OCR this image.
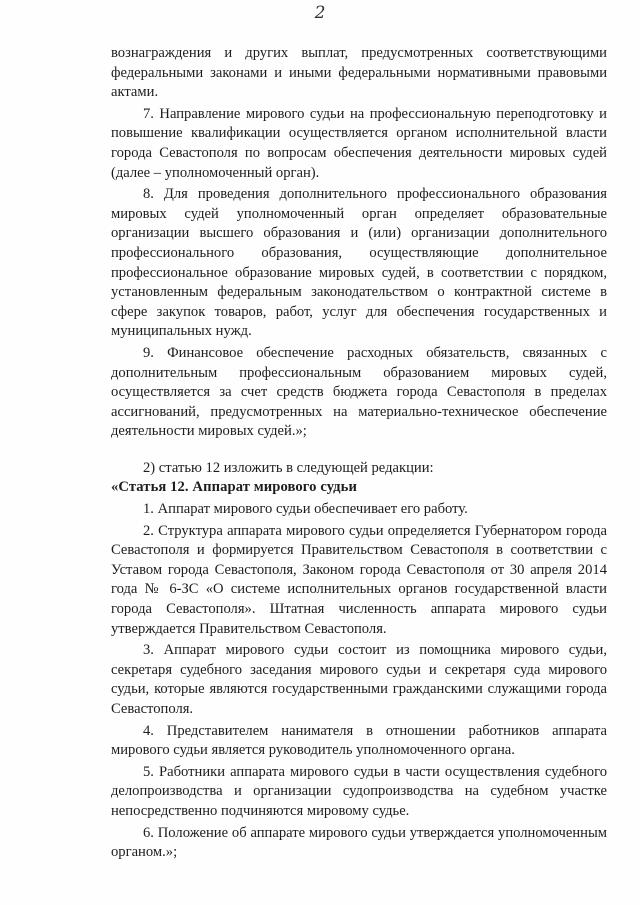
2

вознаграждения и других выплат, предусмотренных соответствующими федеральными законами и иными федеральными нормативными правовыми актами.

7. Направление мирового судьи на профессиональную переподготовку и повышение квалификации осуществляется органом исполнительной власти города Севастополя по вопросам обеспечения деятельности мировых судей (далее – уполномоченный орган).

8. Для проведения дополнительного профессионального образования мировых судей уполномоченный орган определяет образовательные организации высшего образования и (или) организации дополнительного профессионального образования, осуществляющие дополнительное профессиональное образование мировых судей, в соответствии с порядком, установленным федеральным законодательством о контрактной системе в сфере закупок товаров, работ, услуг для обеспечения государственных и муниципальных нужд.

9. Финансовое обеспечение расходных обязательств, связанных с дополнительным профессиональным образованием мировых судей, осуществляется за счет средств бюджета города Севастополя в пределах ассигнований, предусмотренных на материально-техническое обеспечение деятельности мировых судей.»;

2) статью 12 изложить в следующей редакции:

«Статья 12. Аппарат мирового судьи

1. Аппарат мирового судьи обеспечивает его работу.

2. Структура аппарата мирового судьи определяется Губернатором города Севастополя и формируется Правительством Севастополя в соответствии с Уставом города Севастополя, Законом города Севастополя от 30 апреля 2014 года № 6-ЗС «О системе исполнительных органов государственной власти города Севастополя». Штатная численность аппарата мирового судьи утверждается Правительством Севастополя.

3. Аппарат мирового судьи состоит из помощника мирового судьи, секретаря судебного заседания мирового судьи и секретаря суда мирового судьи, которые являются государственными гражданскими служащими города Севастополя.

4. Представителем нанимателя в отношении работников аппарата мирового судьи является руководитель уполномоченного органа.

5. Работники аппарата мирового судьи в части осуществления судебного делопроизводства и организации судопроизводства на судебном участке непосредственно подчиняются мировому судье.

6. Положение об аппарате мирового судьи утверждается уполномоченным органом.»;
